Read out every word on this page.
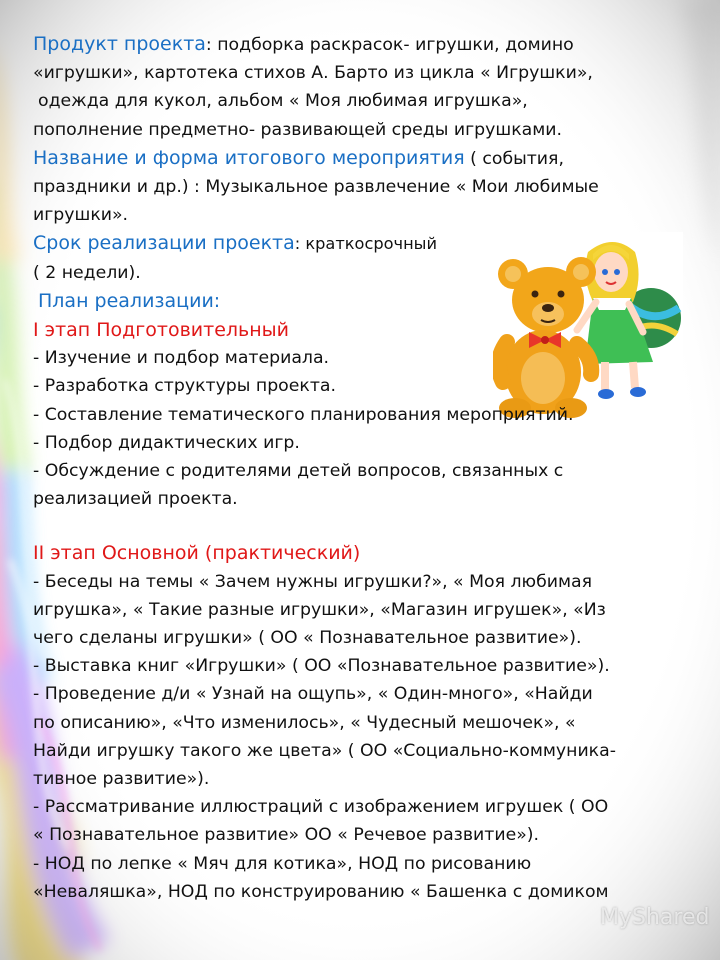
Продукт проекта: подборка раскрасок- игрушки, домино

«игрушки», картотека стихов А. Барто из цикла « Игрушки»,

одежда для кукол, альбом « Моя любимая игрушка»,

пополнение предметно- развивающей среды игрушками.

Название и форма итогового мероприятия ( события,

праздники и др.) : Музыкальное развлечение « Мои любимые

игрушки».

Срок реализации проекта: краткосрочный

( 2 недели).

План реализации:

I этап Подготовительный

- Изучение и подбор материала.

- Разработка структуры проекта.

- Составление тематического планирования мероприятий.

- Подбор дидактических игр.

- Обсуждение с родителями детей вопросов, связанных с

реализацией проекта.

II этап Основной (практический)

- Беседы на темы « Зачем нужны игрушки?», « Моя любимая

игрушка», « Такие разные игрушки», «Магазин игрушек», «Из

чего сделаны игрушки» ( ОО « Познавательное развитие»).

- Выставка книг «Игрушки» ( ОО «Познавательное развитие»).

- Проведение д/и « Узнай на ощупь», « Один-много», «Найди

по описанию», «Что изменилось», « Чудесный мешочек», «

Найди игрушку такого же цвета» ( ОО «Социально-коммуника-

тивное развитие»).

- Рассматривание иллюстраций с изображением игрушек ( ОО

« Познавательное развитие» ОО « Речевое развитие»).

- НОД по лепке « Мяч для котика», НОД по рисованию

«Неваляшка», НОД по конструированию « Башенка с домиком

MyShared
